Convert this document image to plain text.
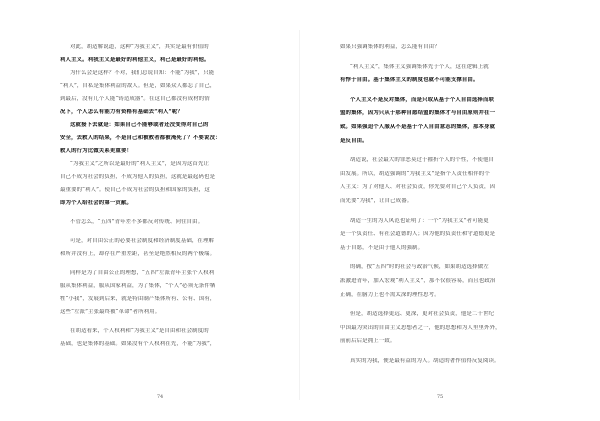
74
对此，胡适解说道，这种“为我主义”，其实是最有价值的
利人主义。利我主义是最好的利他主义，利己是最好的利他。
为什么会是这样？不对，我们总说自知：不能“为我”，只能
“利人”，自私是集体利益的敌人。但是，如果众人都忘了自己，
到最后，没有几个人能“铸造成器”。在这自己都没有成材的情
况下，个人怎么有能力有资格有基础去“利人”呢？
这就接下去就是：如果自己不能够或者还没变得对自己的
安全，去救人的结果，不是自己和被救者都被淹死了？不要说没：
救人的行为比做关系更重要！
“为我主义”之所以是最好的“利人主义”，是因为这首先让
自己不成为社会的负担，不成为他人的负担，这就是最起码也是
最重要的“利人”。使自己不成为社会的负担和国家的负担，这
即为个人给社会的第一贡献。
不管怎么，“五四”青年差不多都反对传统、向往自由。
可是，对自由公正的必要社会制度和经济制度基础，在理解
和所并没有上，却存在严重差距，甚至是绝然相反的两个极端。
同样是为了自由公正的理想，“五四”左派青年主张个人权利
服从集体利益，服从国家利益，为了集体，“个人”必须无条件牺
牲“小我”，发展到后来，就是特由制产集体所有、公有、国有，
这些“左派”主张最终被“革命”者所利用。
在胡适看来，个人权利和“为我主义”是自由和社会制度的
基础，也是集体的基础。如果没有个人权利在先，不能“为我”，
75
如果只强调集体的利益，怎么能有自由？
“利人主义”，集体主义强调集体先于个人，这在逻辑上就
有悖于自由。基于集体主义的制度也就不可能支撑自由。
个人主义不是反对集体，而是只取从基于个人自由选择而联
盟的集体，因为只从于那种自愿结盟的集体才与自由原则并在一
致。如果强迫个人服从不是基于个人自由意志的集体，那本身就
是反自由。
胡适说，社会最大的罪恶莫过于摧折个人的个性，不使他自
由发展。所以，胡适强调的“为我主义”是指个人责任相伴的个
人主义：为了对他人、对社会负责，你先要对自己个人负责，因
而先要“为我”，让自己成器。
胡适一生的为人风范也证明了：一个“为我主义”者可能更
是一个负责任、有社会道德的人；因为他的负责任和守道德更是
基于自愿，不是由于他人的强制。
的确，按“五四”时的社会与政治气候，如果胡适选择做左
派激进青年，加入宏观“利人主义”，那不仅很容易，而且也政治
正确，在脑力上也不需太深的理性思考。
但是，胡适选择更远、更深，更对社会负责，他是二十世纪
中国最为突出的自由主义思想者之一，他的思想和为人里里外外，
前前后后是拥上一致。
真实的为我，便是最有益的为人。胡适的著作值得反复阅读。
